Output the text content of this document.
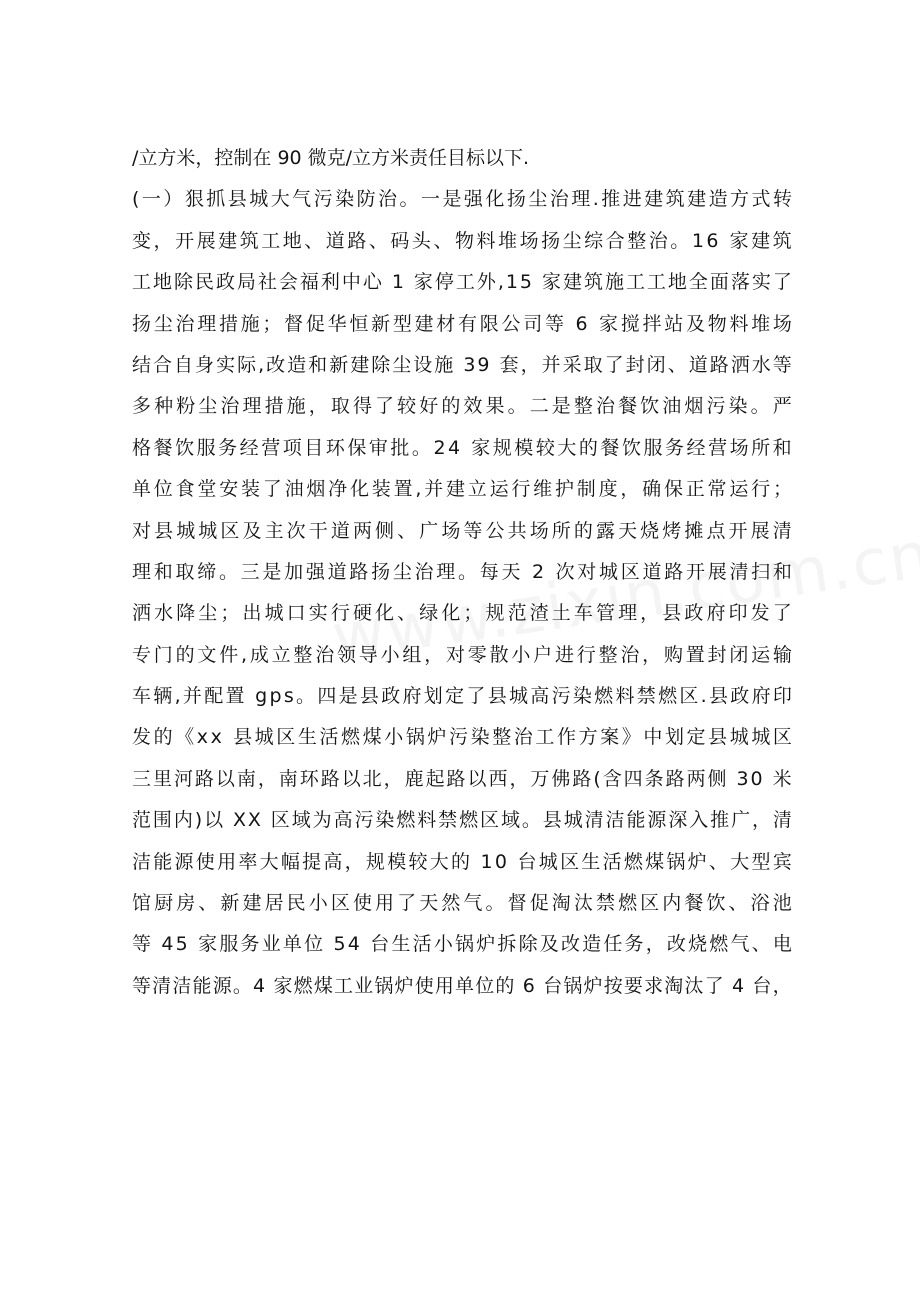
/立方米，控制在 90 微克/立方米责任目标以下.
( 一 ） 狠 抓 县 城 大 气 污 染 防 治 。 一 是 强 化 扬 尘 治 理 . 推 进 建 筑 建 造 方 式 转
变 ， 开 展 建 筑 工 地 、 道 路 、 码 头 、 物 料 堆 场 扬 尘 综 合 整 治 。 1 6
家 建 筑
工 地 除 民 政 局 社 会 福 利 中 心
1
家 停 工 外 , 1 5
家 建 筑 施 工 工 地 全 面 落 实 了
扬 尘 治 理 措 施 ； 督 促 华 恒 新 型 建 材 有 限 公 司 等
6
家 搅 拌 站 及 物 料 堆 场
结 合 自 身 实 际 , 改 造 和 新 建 除 尘 设 施
3 9
套 ， 并 采 取 了 封 闭 、 道 路 洒 水 等
多 种 粉 尘 治 理 措 施 ， 取 得 了 较 好 的 效 果 。 二 是 整 治 餐 饮 油 烟 污 染 。 严
格 餐 饮 服 务 经 营 项 目 环 保 审 批 。 2 4
家 规 模 较 大 的 餐 饮 服 务 经 营 场 所 和
单 位 食 堂 安 装 了 油 烟 净 化 装 置 , 并 建 立 运 行 维 护 制 度 ， 确 保 正 常 运 行 ；
对 县 城 城 区 及 主 次 干 道 两 侧 、 广 场 等 公 共 场 所 的 露 天 烧 烤 摊 点 开 展 清
理 和 取 缔 。 三 是 加 强 道 路 扬 尘 治 理 。 每 天
2
次 对 城 区 道 路 开 展 清 扫 和
洒 水 降 尘 ； 出 城 口 实 行 硬 化 、 绿 化 ； 规 范 渣 土 车 管 理 ， 县 政 府 印 发 了
专 门 的 文 件 , 成 立 整 治 领 导 小 组 ， 对 零 散 小 户 进 行 整 治 ， 购 置 封 闭 运 输
车 辆 , 并 配 置
g p s 。 四 是 县 政 府 划 定 了 县 城 高 污 染 燃 料 禁 燃 区 . 县 政 府 印
发 的 《 x x
县 城 区 生 活 燃 煤 小 锅 炉 污 染 整 治 工 作 方 案 》 中 划 定 县 城 城 区
三 里 河 路 以 南 ， 南 环 路 以 北 ， 鹿 起 路 以 西 ， 万 佛 路 ( 含 四 条 路 两 侧
3 0
米
范 围 内 ) 以
X X
区 域 为 高 污 染 燃 料 禁 燃 区 域 。 县 城 清 洁 能 源 深 入 推 广 ， 清
洁 能 源 使 用 率 大 幅 提 高 ， 规 模 较 大 的
1 0
台 城 区 生 活 燃 煤 锅 炉 、 大 型 宾
馆 厨 房 、 新 建 居 民 小 区 使 用 了 天 然 气 。 督 促 淘 汰 禁 燃 区 内 餐 饮 、 浴 池
等
4 5
家 服 务 业 单 位
5 4
台 生 活 小 锅 炉 拆 除 及 改 造 任 务 ， 改 烧 燃 气 、 电
等 清 洁 能 源 。 4
家 燃 煤 工 业 锅 炉 使 用 单 位 的
6
台 锅 炉 按 要 求 淘 汰 了
4
台 ，
